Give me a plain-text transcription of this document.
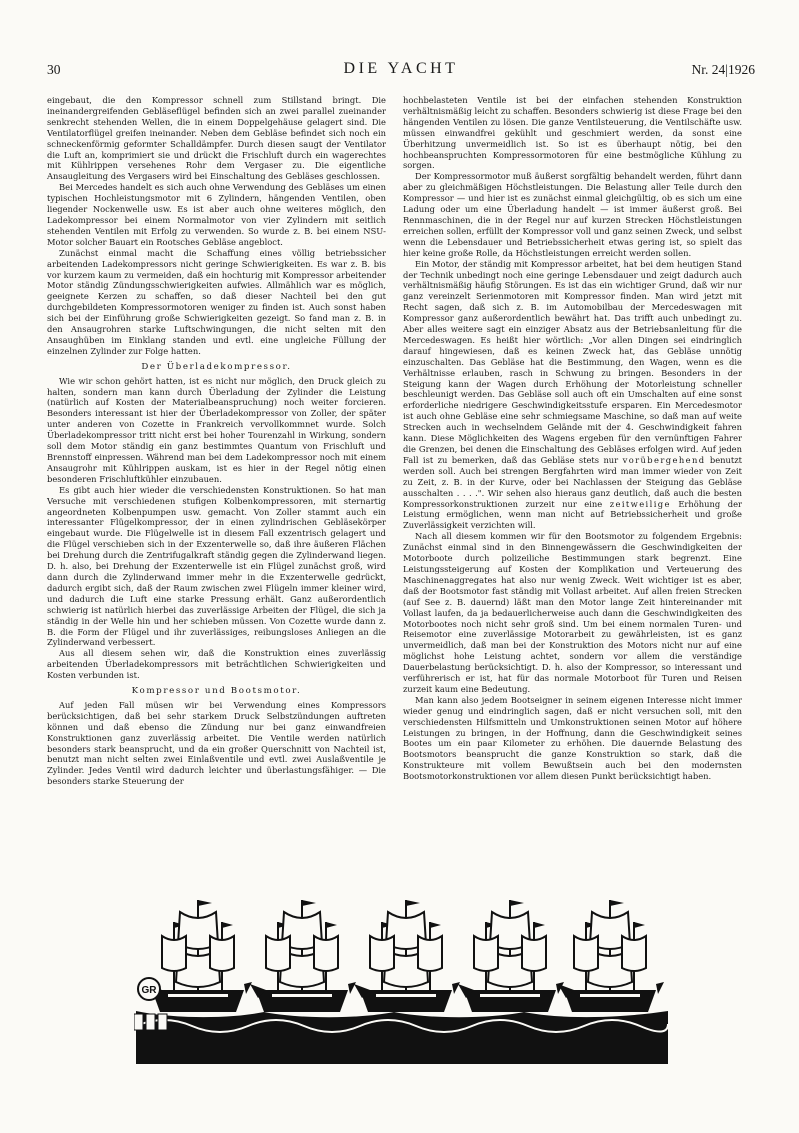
30	DIE YACHT	Nr. 24|1926

eingebaut, die den Kompressor schnell zum Stillstand bringt. Die ineinandergreifenden Gebläseflügel befinden sich an zwei parallel zueinander senkrecht stehenden Wellen, die in einem Doppelgehäuse gelagert sind. Die Ventilatorflügel greifen ineinander. Neben dem Gebläse befindet sich noch ein schneckenförmig geformter Schalldämpfer. Durch diesen saugt der Ventilator die Luft an, komprimiert sie und drückt die Frischluft durch ein wagerechtes mit Kühlrippen versehenes Rohr dem Vergaser zu. Die eigentliche Ansaugleitung des Vergasers wird bei Einschaltung des Gebläses geschlossen.

Bei Mercedes handelt es sich auch ohne Verwendung des Gebläses um einen typischen Hochleistungsmotor mit 6 Zylindern, hängenden Ventilen, oben liegender Nockenwelle usw. Es ist aber auch ohne weiteres möglich, den Ladekompressor bei einem Normalmotor von vier Zylindern mit seitlich stehenden Ventilen mit Erfolg zu verwenden. So wurde z. B. bei einem NSU-Motor solcher Bauart ein Rootsches Gebläse angebloct.

Zunächst einmal macht die Schaffung eines völlig betriebssicher arbeitenden Ladekompressors nicht geringe Schwierigkeiten. Es war z. B. bis vor kurzem kaum zu vermeiden, daß ein hochturig mit Kompressor arbeitender Motor ständig Zündungsschwierigkeiten aufwies. Allmählich war es möglich, geeignete Kerzen zu schaffen, so daß dieser Nachteil bei den gut durchgebildeten Kompressormotoren weniger zu finden ist. Auch sonst haben sich bei der Einführung große Schwierigkeiten gezeigt. So fand man z. B. in den Ansaugrohren starke Luftschwingungen, die nicht selten mit den Ansaughüben im Einklang standen und evtl. eine ungleiche Füllung der einzelnen Zylinder zur Folge hatten.

Der Überladekompressor.

Wie wir schon gehört hatten, ist es nicht nur möglich, den Druck gleich zu halten, sondern man kann durch Überladung der Zylinder die Leistung (natürlich auf Kosten der Materialbeanspruchung) noch weiter forcieren. Besonders interessant ist hier der Überladekompressor von Zoller, der später unter anderen von Cozette in Frankreich vervollkommnet wurde. Solch Überladekompressor tritt nicht erst bei hoher Tourenzahl in Wirkung, sondern soll dem Motor ständig ein ganz bestimmtes Quantum von Frischluft und Brennstoff einpressen. Während man bei dem Ladekompressor noch mit einem Ansaugrohr mit Kühlrippen auskam, ist es hier in der Regel nötig einen besonderen Frischluftkühler einzubauen.

Es gibt auch hier wieder die verschiedensten Konstruktionen. So hat man Versuche mit verschiedenen stufigen Kolbenkompressoren, mit sternartig angeordneten Kolbenpumpen usw. gemacht. Von Zoller stammt auch ein interessanter Flügelkompressor, der in einen zylindrischen Gebläsekörper eingebaut wurde. Die Flügelwelle ist in diesem Fall exzentrisch gelagert und die Flügel verschieben sich in der Exzenterwelle so, daß ihre äußeren Flächen bei Drehung durch die Zentrifugalkraft ständig gegen die Zylinderwand liegen. D. h. also, bei Drehung der Exzenterwelle ist ein Flügel zunächst groß, wird dann durch die Zylinderwand immer mehr in die Exzenterwelle gedrückt, dadurch ergibt sich, daß der Raum zwischen zwei Flügeln immer kleiner wird, und dadurch die Luft eine starke Pressung erhält. Ganz außerordentlich schwierig ist natürlich hierbei das zuverlässige Arbeiten der Flügel, die sich ja ständig in der Welle hin und her schieben müssen. Von Cozette wurde dann z. B. die Form der Flügel und ihr zuverlässiges, reibungsloses Anliegen an die Zylinderwand verbessert.

Aus all diesem sehen wir, daß die Konstruktion eines zuverlässig arbeitenden Überladekompressors mit beträchtlichen Schwierigkeiten und Kosten verbunden ist.

Kompressor und Bootsmotor.

Auf jeden Fall müsen wir bei Verwendung eines Kompressors berücksichtigen, daß bei sehr starkem Druck Selbstzündungen auftreten können und daß ebenso die Zündung nur bei ganz einwandfreien Konstruktionen ganz zuverlässig arbeitet. Die Ventile werden natürlich besonders stark beansprucht, und da ein großer Querschnitt von Nachteil ist, benutzt man nicht selten zwei Einlaßventile und evtl. zwei Auslaßventile je Zylinder. Jedes Ventil wird dadurch leichter und überlastungsfähiger. — Die besonders starke Steuerung der

hochbelasteten Ventile ist bei der einfachen stehenden Konstruktion verhältnismäßig leicht zu schaffen. Besonders schwierig ist diese Frage bei den hängenden Ventilen zu lösen. Die ganze Ventilsteuerung, die Ventilschäfte usw. müssen einwandfrei gekühlt und geschmiert werden, da sonst eine Überhitzung unvermeidlich ist. So ist es überhaupt nötig, bei den hochbeanspruchten Kompressormotoren für eine bestmögliche Kühlung zu sorgen.

Der Kompressormotor muß äußerst sorgfältig behandelt werden, führt dann aber zu gleichmäßigen Höchstleistungen. Die Belastung aller Teile durch den Kompressor — und hier ist es zunächst einmal gleichgültig, ob es sich um eine Ladung oder um eine Überladung handelt — ist immer äußerst groß. Bei Rennmaschinen, die in der Regel nur auf kurzen Strecken Höchstleistungen erreichen sollen, erfüllt der Kompressor voll und ganz seinen Zweck, und selbst wenn die Lebensdauer und Betriebssicherheit etwas gering ist, so spielt das hier keine große Rolle, da Höchstleistungen erreicht werden sollen.

Ein Motor, der ständig mit Kompressor arbeitet, hat bei dem heutigen Stand der Technik unbedingt noch eine geringe Lebensdauer und zeigt dadurch auch verhältnismäßig häufig Störungen. Es ist das ein wichtiger Grund, daß wir nur ganz vereinzelt Serienmotoren mit Kompressor finden. Man wird jetzt mit Recht sagen, daß sich z. B. im Automobilbau der Mercedeswagen mit Kompressor ganz außerordentlich bewährt hat. Das trifft auch unbedingt zu. Aber alles weitere sagt ein einziger Absatz aus der Betriebsanleitung für die Mercedeswagen. Es heißt hier wörtlich: „Vor allen Dingen sei eindringlich darauf hingewiesen, daß es keinen Zweck hat, das Gebläse unnötig einzuschalten. Das Gebläse hat die Bestimmung, den Wagen, wenn es die Verhältnisse erlauben, rasch in Schwung zu bringen. Besonders in der Steigung kann der Wagen durch Erhöhung der Motorleistung schneller beschleunigt werden. Das Gebläse soll auch oft ein Umschalten auf eine sonst erforderliche niedrigere Geschwindigkeitsstufe ersparen. Ein Mercedesmotor ist auch ohne Gebläse eine sehr schmiegsame Maschine, so daß man auf weite Strecken auch in wechselndem Gelände mit der 4. Geschwindigkeit fahren kann. Diese Möglichkeiten des Wagens ergeben für den vernünftigen Fahrer die Grenzen, bei denen die Einschaltung des Gebläses erfolgen wird. Auf jeden Fall ist zu bemerken, daß das Gebläse stets nur vorübergehend benutzt werden soll. Auch bei strengen Bergfahrten wird man immer wieder von Zeit zu Zeit, z. B. in der Kurve, oder bei Nachlassen der Steigung das Gebläse ausschalten . . . .". Wir sehen also hieraus ganz deutlich, daß auch die besten Kompressorkonstruktionen zurzeit nur eine zeitweilige Erhöhung der Leistung ermöglichen, wenn man nicht auf Betriebssicherheit und große Zuverlässigkeit verzichten will.

Nach all diesem kommen wir für den Bootsmotor zu folgendem Ergebnis: Zunächst einmal sind in den Binnengewässern die Geschwindigkeiten der Motorboote durch polizeiliche Bestimmungen stark begrenzt. Eine Leistungssteigerung auf Kosten der Komplikation und Verteuerung des Maschinenaggregates hat also nur wenig Zweck. Weit wichtiger ist es aber, daß der Bootsmotor fast ständig mit Vollast arbeitet. Auf allen freien Strecken (auf See z. B. dauernd) läßt man den Motor lange Zeit hintereinander mit Vollast laufen, da ja bedauerlicherweise auch dann die Geschwindigkeiten des Motorbootes noch nicht sehr groß sind. Um bei einem normalen Turen- und Reisemotor eine zuverlässige Motorarbeit zu gewährleisten, ist es ganz unvermeidlich, daß man bei der Konstruktion des Motors nicht nur auf eine möglichst hohe Leistung achtet, sondern vor allem die verständige Dauerbelastung berücksichtigt. D. h. also der Kompressor, so interessant und verführerisch er ist, hat für das normale Motorboot für Turen und Reisen zurzeit kaum eine Bedeutung.

Man kann also jedem Bootseigner in seinem eigenen Interesse nicht immer wieder genug und eindringlich sagen, daß er nicht versuchen soll, mit den verschiedensten Hilfsmitteln und Umkonstruktionen seinen Motor auf höhere Leistungen zu bringen, in der Hoffnung, dann die Geschwindigkeit seines Bootes um ein paar Kilometer zu erhöhen. Die dauernde Belastung des Bootsmotors beansprucht die ganze Konstruktion so stark, daß die Konstrukteure mit vollem Bewußtsein auch bei den modernsten Bootsmotorkonstruktionen vor allem diesen Punkt berücksichtigt haben.

GR
